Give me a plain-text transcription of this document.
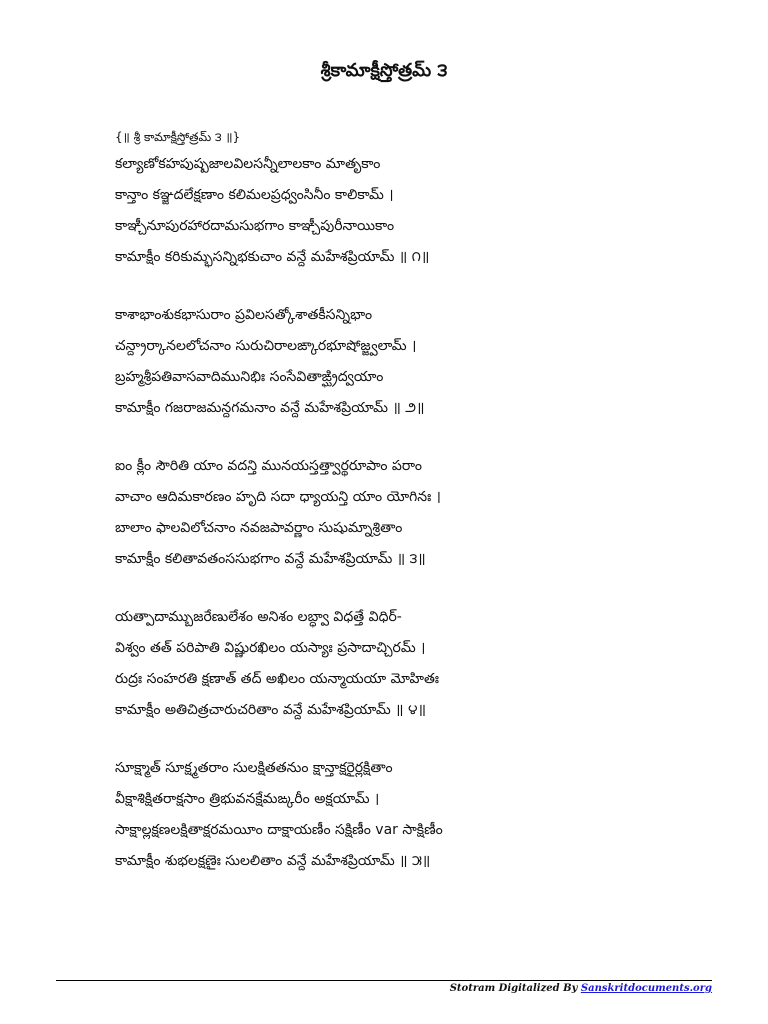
శ్రీకామాక్షీస్తోత్రమ్ ౩
{॥ శ్రీ కామాక్షీస్తోత్రమ్ ౩ ॥}
కల్యాణోకహపుష్పజాలవిలసన్నీలాలకాం మాతృకాం
కాన్తాం కఞ్జదలేక్షణాం కలిమలప్రధ్వంసినీం కాలికామ్ ।
కాఞ్చీనూపురహారదామసుభగాం కాఞ్చీపురీనాయికాం
కామాక్షీం కరికుమ్భసన్నిభకుచాం వన్దే మహేశప్రియామ్ ॥ ౧॥
కాశాభాంశుకభాసురాం ప్రవిలసత్కోశాతకీసన్నిభాం
చన్ద్రార్కానలలోచనాం సురుచిరాలఙ్కారభూషోజ్జ్వలామ్ ।
బ్రహ్మశ్రీపతివాసవాదిమునిభిః సంసేవితాఙ్ఘ్రిద్వయాం
కామాక్షీం గజరాజమన్దగమనాం వన్దే మహేశప్రియామ్ ॥ ౨॥
ఐం క్లీం సౌరితి యాం వదన్తి మునయస్తత్త్వార్థరూపాం పరాం
వాచాం ఆదిమకారణం హృది సదా ధ్యాయన్తి యాం యోగినః ।
బాలాం ఫాలవిలోచనాం నవజపావర్ణాం సుషుమ్నాశ్రితాం
కామాక్షీం కలితావతంససుభగాం వన్దే మహేశప్రియామ్ ॥ ౩॥
యత్పాదామ్బుజరేణులేశం అనిశం లబ్ధ్వా విధత్తే విధిర్-
విశ్వం తత్ పరిపాతి విష్ణురఖిలం యస్యాః ప్రసాదాచ్చిరమ్ ।
రుద్రః సంహరతి క్షణాత్ తద్ అఖిలం యన్మాయయా మోహితః
కామాక్షీం అతిచిత్రచారుచరితాం వన్దే మహేశప్రియామ్ ॥ ౪॥
సూక్ష్మాత్ సూక్ష్మతరాం సులక్షితతనుం క్షాన్తాక్షరైర్లక్షితాం
వీక్షాశిక్షితరాక్షసాం త్రిభువనక్షేమఙ్కరీం అక్షయామ్ ।
సాక్షాల్లక్షణలక్షితాక్షరమయీం దాక్షాయణీం సక్షిణీం var సాక్షిణీం
కామాక్షీం శుభలక్షణైః సులలితాం వన్దే మహేశప్రియామ్ ॥ ౫॥
Stotram Digitalized By Sanskritdocuments.org
